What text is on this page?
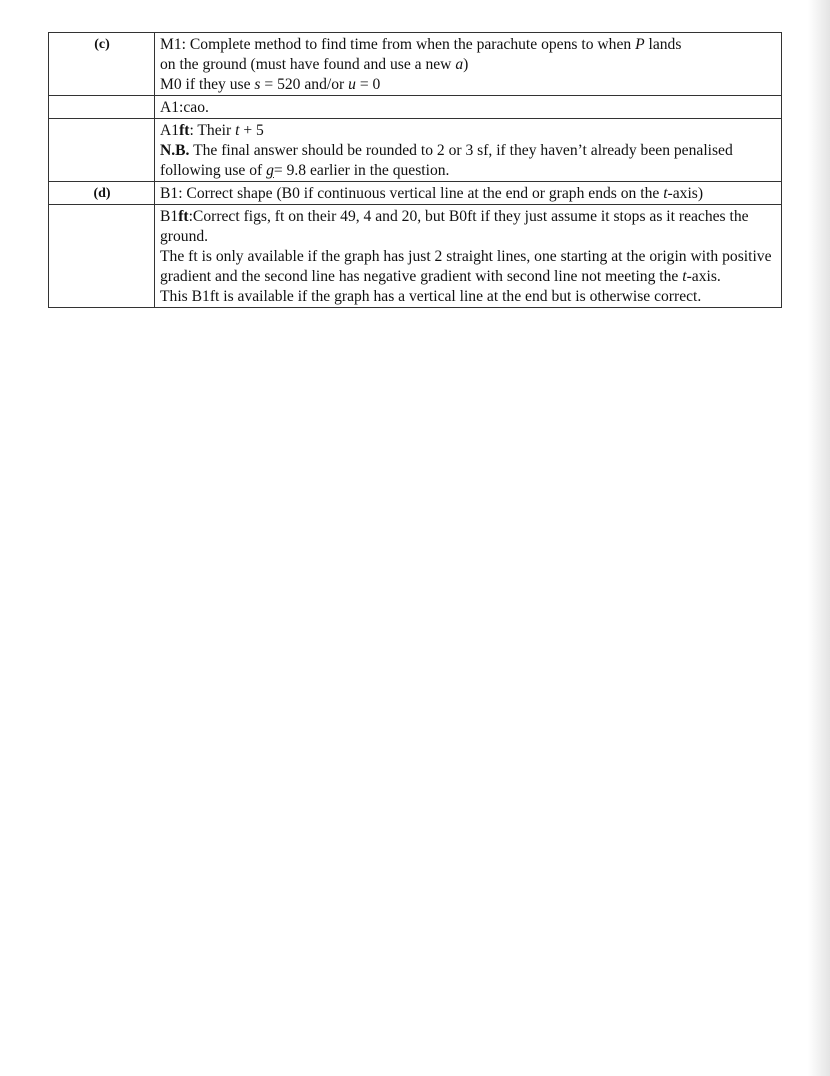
(c)	M1: Complete method to find time from when the parachute opens to when P lands

on the ground (must have found and use a new a)

M0 if they use s = 520 and/or u = 0

	A1:cao.

	A1ft: Their t + 5

N.B. The final answer should be rounded to 2 or 3 sf, if they haven’t already been penalised following use of g= 9.8 earlier in the question.

(d)	B1: Correct shape (B0 if continuous vertical line at the end or graph ends on the t-axis)

	B1ft:Correct figs, ft on their 49, 4 and 20, but B0ft if they just assume it stops as it reaches the ground.

The ft is only available if the graph has just 2 straight lines, one starting at the origin with positive gradient and the second line has negative gradient with second line not meeting the t-axis.

This B1ft is available if the graph has a vertical line at the end but is otherwise correct.
